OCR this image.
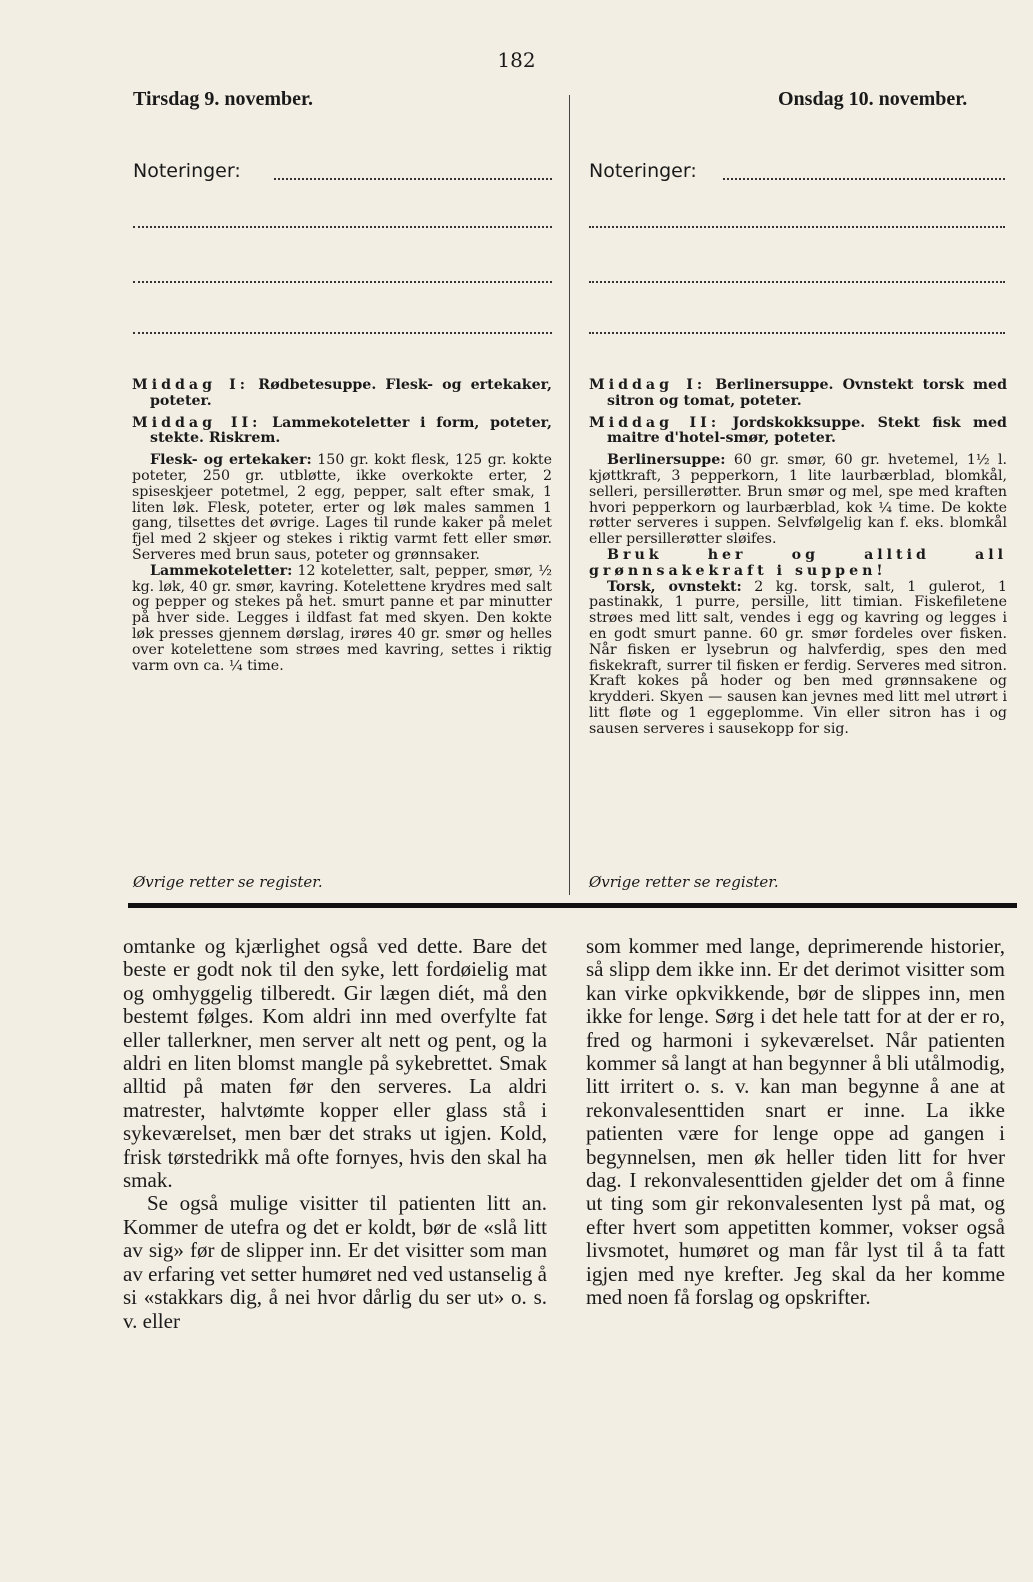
182
Tirsdag 9. november.	Onsdag 10. november.
Noteringer:	Noteringer:

Middag I: Rødbetesuppe. Flesk- og ertekaker, poteter.

Middag II: Lammekoteletter i form, poteter, stekte. Riskrem.

Flesk- og ertekaker: 150 gr. kokt flesk, 125 gr. kokte poteter, 250 gr. utbløtte, ikke overkokte erter, 2 spiseskjeer potetmel, 2 egg, pepper, salt efter smak, 1 liten løk. Flesk, poteter, erter og løk males sammen 1 gang, tilsettes det øvrige. Lages til runde kaker på melet fjel med 2 skjeer og stekes i riktig varmt fett eller smør. Serveres med brun saus, poteter og grønnsaker.

Lammekoteletter: 12 koteletter, salt, pepper, smør, ½ kg. løk, 40 gr. smør, kavring. Kotelettene krydres med salt og pepper og stekes på het. smurt panne et par minutter på hver side. Legges i ildfast fat med skyen. Den kokte løk presses gjennem dørslag, irøres 40 gr. smør og helles over kotelettene som strøes med kavring, settes i riktig varm ovn ca. ¼ time.

Øvrige retter se register.

Middag I: Berlinersuppe. Ovnstekt torsk med sitron og tomat, poteter.

Middag II: Jordskokksuppe. Stekt fisk med maitre d'hotel-smør, poteter.

Berlinersuppe: 60 gr. smør, 60 gr. hvetemel, 1½ l. kjøttkraft, 3 pepperkorn, 1 lite laurbærblad, blomkål, selleri, persillerøtter. Brun smør og mel, spe med kraften hvori pepperkorn og laurbærblad, kok ¼ time. De kokte røtter serveres i suppen. Selvfølgelig kan f. eks. blomkål eller persillerøtter sløifes.

Bruk her og alltid all grønnsakekraft i suppen!

Torsk, ovnstekt: 2 kg. torsk, salt, 1 gulerot, 1 pastinakk, 1 purre, persille, litt timian. Fiskefiletene strøes med litt salt, vendes i egg og kavring og legges i en godt smurt panne. 60 gr. smør fordeles over fisken. Når fisken er lysebrun og halvferdig, spes den med fiskekraft, surrer til fisken er ferdig. Serveres med sitron. Kraft kokes på hoder og ben med grønnsakene og krydderi. Skyen — sausen kan jevnes med litt mel utrørt i litt fløte og 1 eggeplomme. Vin eller sitron has i og sausen serveres i sausekopp for sig.

Øvrige retter se register.

omtanke og kjærlighet også ved dette. Bare det beste er godt nok til den syke, lett fordøielig mat og omhyggelig tilberedt. Gir lægen diét, må den bestemt følges. Kom aldri inn med overfylte fat eller tallerkner, men server alt nett og pent, og la aldri en liten blomst mangle på sykebrettet. Smak alltid på maten før den serveres. La aldri matrester, halvtømte kopper eller glass stå i sykeværelset, men bær det straks ut igjen. Kold, frisk tørstedrikk må ofte fornyes, hvis den skal ha smak.

Se også mulige visitter til patienten litt an. Kommer de utefra og det er koldt, bør de «slå litt av sig» før de slipper inn. Er det visitter som man av erfaring vet setter humøret ned ved ustanselig å si «stakkars dig, å nei hvor dårlig du ser ut» o. s. v. eller

som kommer med lange, deprimerende historier, så slipp dem ikke inn. Er det derimot visitter som kan virke opkvikkende, bør de slippes inn, men ikke for lenge. Sørg i det hele tatt for at der er ro, fred og harmoni i sykeværelset. Når patienten kommer så langt at han begynner å bli utålmodig, litt irritert o. s. v. kan man begynne å ane at rekonvalesenttiden snart er inne. La ikke patienten være for lenge oppe ad gangen i begynnelsen, men øk heller tiden litt for hver dag. I rekonvalesenttiden gjelder det om å finne ut ting som gir rekonvalesenten lyst på mat, og efter hvert som appetitten kommer, vokser også livsmotet, humøret og man får lyst til å ta fatt igjen med nye krefter. Jeg skal da her komme med noen få forslag og opskrifter.
